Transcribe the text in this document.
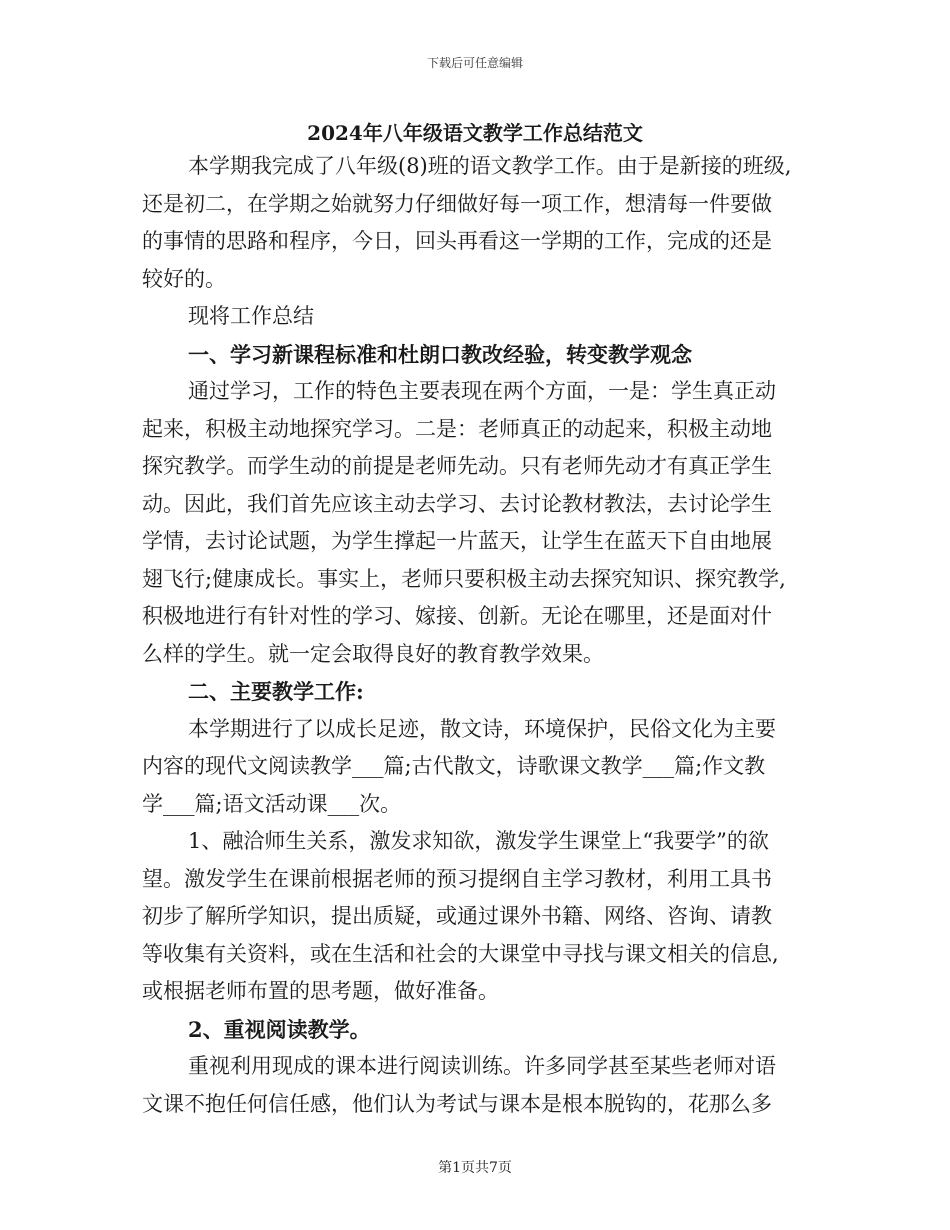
下载后可任意编辑
2024年八年级语文教学工作总结范文
本学期我完成了八年级(8)班的语文教学工作。由于是新接的班级,
还是初二，在学期之始就努力仔细做好每一项工作，想清每一件要做
的事情的思路和程序，今日，回头再看这一学期的工作，完成的还是
较好的。
现将工作总结
一、学习新课程标准和杜朗口教改经验，转变教学观念
通过学习，工作的特色主要表现在两个方面，一是：学生真正动
起来，积极主动地探究学习。二是：老师真正的动起来，积极主动地
探究教学。而学生动的前提是老师先动。只有老师先动才有真正学生
动。因此，我们首先应该主动去学习、去讨论教材教法，去讨论学生
学情，去讨论试题，为学生撑起一片蓝天，让学生在蓝天下自由地展
翅飞行;健康成长。事实上，老师只要积极主动去探究知识、探究教学,
积极地进行有针对性的学习、嫁接、创新。无论在哪里，还是面对什
么样的学生。就一定会取得良好的教育教学效果。
二、主要教学工作:
本学期进行了以成长足迹，散文诗，环境保护，民俗文化为主要
内容的现代文阅读教学___篇;古代散文，诗歌课文教学___篇;作文教
学___篇;语文活动课___次。
1、融洽师生关系，激发求知欲，激发学生课堂上“我要学”的欲
望。激发学生在课前根据老师的预习提纲自主学习教材，利用工具书
初步了解所学知识，提出质疑，或通过课外书籍、网络、咨询、请教
等收集有关资料，或在生活和社会的大课堂中寻找与课文相关的信息,
或根据老师布置的思考题，做好准备。
2、重视阅读教学。
重视利用现成的课本进行阅读训练。许多同学甚至某些老师对语
文课不抱任何信任感，他们认为考试与课本是根本脱钩的，花那么多
第1页共7页
